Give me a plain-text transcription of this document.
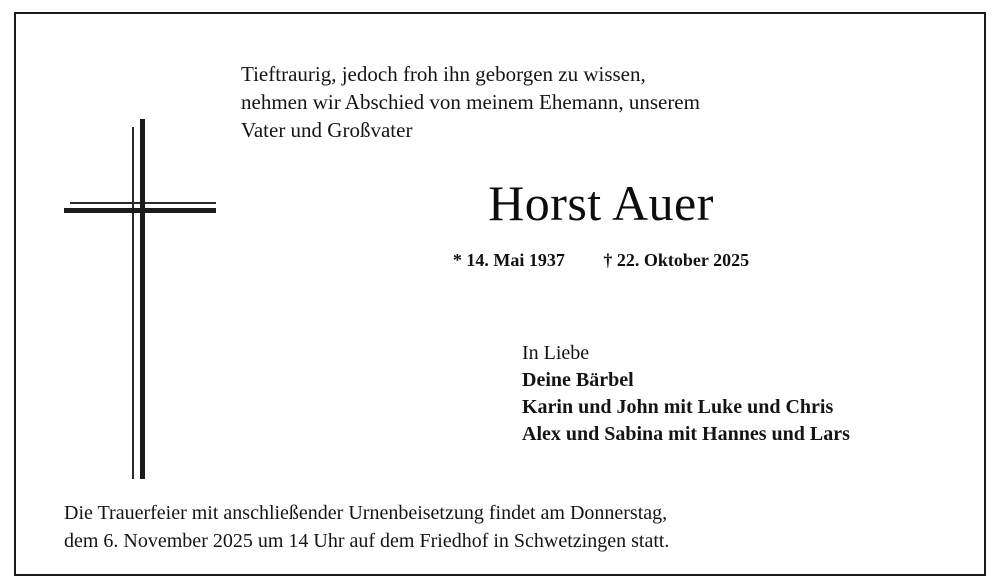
Tieftraurig, jedoch froh ihn geborgen zu wissen,
nehmen wir Abschied von meinem Ehemann, unserem
Vater und Großvater
Horst Auer
* 14. Mai 1937 † 22. Oktober 2025
In Liebe
Deine Bärbel
Karin und John mit Luke und Chris
Alex und Sabina mit Hannes und Lars
Die Trauerfeier mit anschließender Urnenbeisetzung findet am Donnerstag,
dem 6. November 2025 um 14 Uhr auf dem Friedhof in Schwetzingen statt.
